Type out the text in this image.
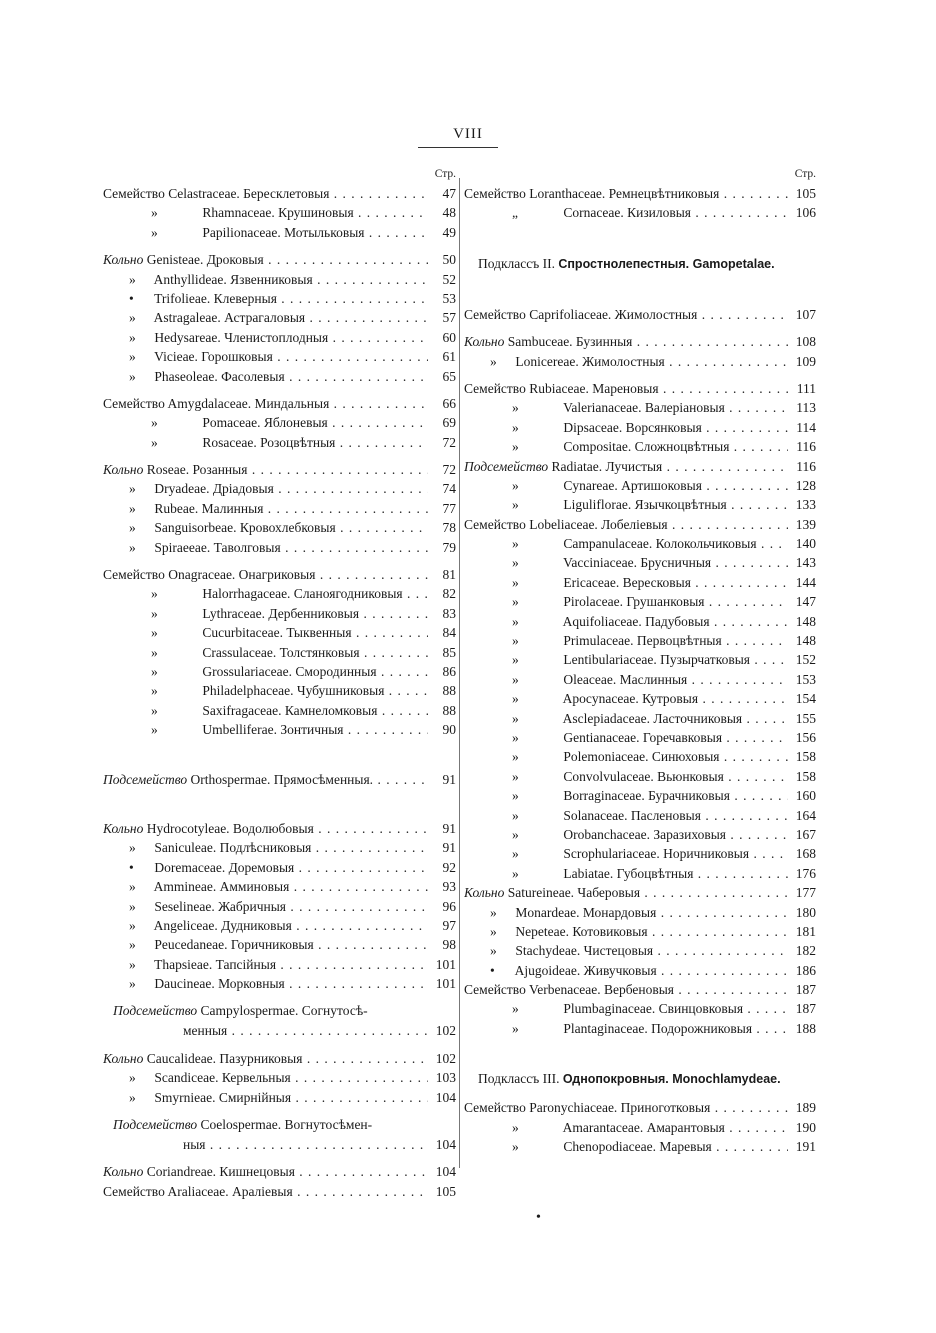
VIII
Стр.
Семейство Celastraceae. Бересклетовыя . . .	47
»	Rhamnaceae. Крушиновыя . . .	48
»	Papilionaceae. Мотыльковыя . . .	49
Кольно Genisteae. Дроковыя . . .	50
» Anthyllideae. Язвенниковыя . . .	52
• Trifolieae. Клеверныя . . .	53
» Astragaleae. Астрагаловыя . . .	57
» Hedysareae. Членистоплодныя . . .	60
» Vicieae. Горошковыя . . .	61
» Phaseoleae. Фасолевыя . . .	65
Семейство Amygdalaceae. Миндальныя . . .	66
»	Pomaceae. Яблоневыя . . .	69
»	Rosaceae. Розоцвѣтныя . . .	72
Кольно Roseae. Розанныя . . .	72
» Dryadeae. Дріадовыя . . .	74
» Rubeae. Малинныя . . .	77
» Sanguisorbeae. Кровохлебковыя . . .	78
» Spiraeeae. Таволговыя . . .	79
Семейство Onagraceae. Онагриковыя . . .	81
»	Halorrhagaceae. Сланоягодниковыя . . .	82
»	Lythraceae. Дербенниковыя . . .	83
»	Cucurbitaceae. Тыквенныя . . .	84
»	Crassulaceae. Толстянковыя . . .	85
»	Grossulariaceae. Смородинныя . . .	86
»	Philadelphaceae. Чубушниковыя . . .	88
»	Saxifragaceae. Камнеломковыя . . .	88
»	Umbelliferae. Зонтичныя . . .	90
Подсемейство Orthospermae. Прямосѣменныя. . . .	91
Кольно Hydrocotyleae. Водолюбовыя . . .	91
» Saniculeae. Подлѣсниковыя . . .	91
• Doremaceae. Доремовыя . . .	92
» Ammineae. Амминовыя . . .	93
» Seselineae. Жабричныя . . .	96
» Angeliceae. Дудниковыя . . .	97
» Peucedaneae. Горичниковыя . . .	98
» Thapsieae. Тапсійныя . . .	101
» Daucineae. Морковныя . . .	101
Подсемейство Campylospermae. Согнутосѣ-
менныя . . .	102
Кольно Caucalideae. Пазурниковыя . . .	102
» Scandiceae. Кервельныя . . .	103
» Smyrnieae. Смирнійныя . . .	104
Подсемейство Coelospermae. Вогнутосѣмен-
ныя . . .	104
Кольно Coriandreae. Кишнецовыя . . .	104
Семейство Araliaceae. Араліевыя . . .	105
Стр.
Семейство Loranthaceae. Ремнецвѣтниковыя . . .	105
„	Cornaceae. Кизиловыя . . .	106
Подклассъ II. Спростнолепестныя. Gamopetalae.
Семейство Caprifoliaceae. Жимолостныя . . .	107
Кольно Sambuceae. Бузинныя . . .	108
» Lonicereae. Жимолостныя . . .	109
Семейство Rubiaceae. Мареновыя . . .	111
»	Valerianaceae. Валеріановыя . . .	113
»	Dipsaceae. Ворсянковыя . . .	114
»	Compositae. Сложноцвѣтныя . . .	116
Подсемейство Radiatae. Лучистыя . . .	116
»	Cynareae. Артишоковыя . . .	128
»	Liguliflorae. Язычкоцвѣтныя . . .	133
Семейство Lobeliaceae. Лобеліевыя . . .	139
»	Campanulaceae. Колокольчиковыя . . .	140
»	Vacciniaceae. Брусничныя . . .	143
»	Ericaceae. Вересковыя . . .	144
»	Pirolaceae. Грушанковыя . . .	147
»	Aquifoliaceae. Падубовыя . . .	148
»	Primulaceae. Первоцвѣтныя . . .	148
»	Lentibulariaceae. Пузырчатковыя . . .	152
»	Oleaceae. Маслинныя . . .	153
»	Apocynaceae. Кутровыя . . .	154
»	Asclepiadaceae. Ласточниковыя . . .	155
»	Gentianaceae. Горечавковыя . . .	156
»	Polemoniaceae. Синюховыя . . .	158
»	Convolvulaceae. Вьюнковыя . . .	158
»	Borraginaceae. Бурачниковыя . . .	160
»	Solanaceae. Пасленовыя . . .	164
»	Orobanchaceae. Заразиховыя . . .	167
»	Scrophulariaceae. Норичниковыя . . .	168
»	Labiatae. Губоцвѣтныя . . .	176
Кольно Satureineae. Чаберовыя . . .	177
» Monardeae. Монардовыя . . .	180
» Nepeteae. Котовиковыя . . .	181
» Stachydeae. Чистецовыя . . .	182
• Ajugoideae. Живучковыя . . .	186
Семейство Verbenaceae. Вербеновыя . . .	187
»	Plumbaginaceae. Свинцовковыя . . .	187
»	Plantaginaceae. Подорожниковыя . . .	188
Подклассъ III. Однопокровныя. Monochlamydeae.
Семейство Paronychiaceae. Приноготковыя . . .	189
»	Amarantaceae. Амарантовыя . . .	190
»	Chenopodiaceae. Маревыя . . .	191
•
